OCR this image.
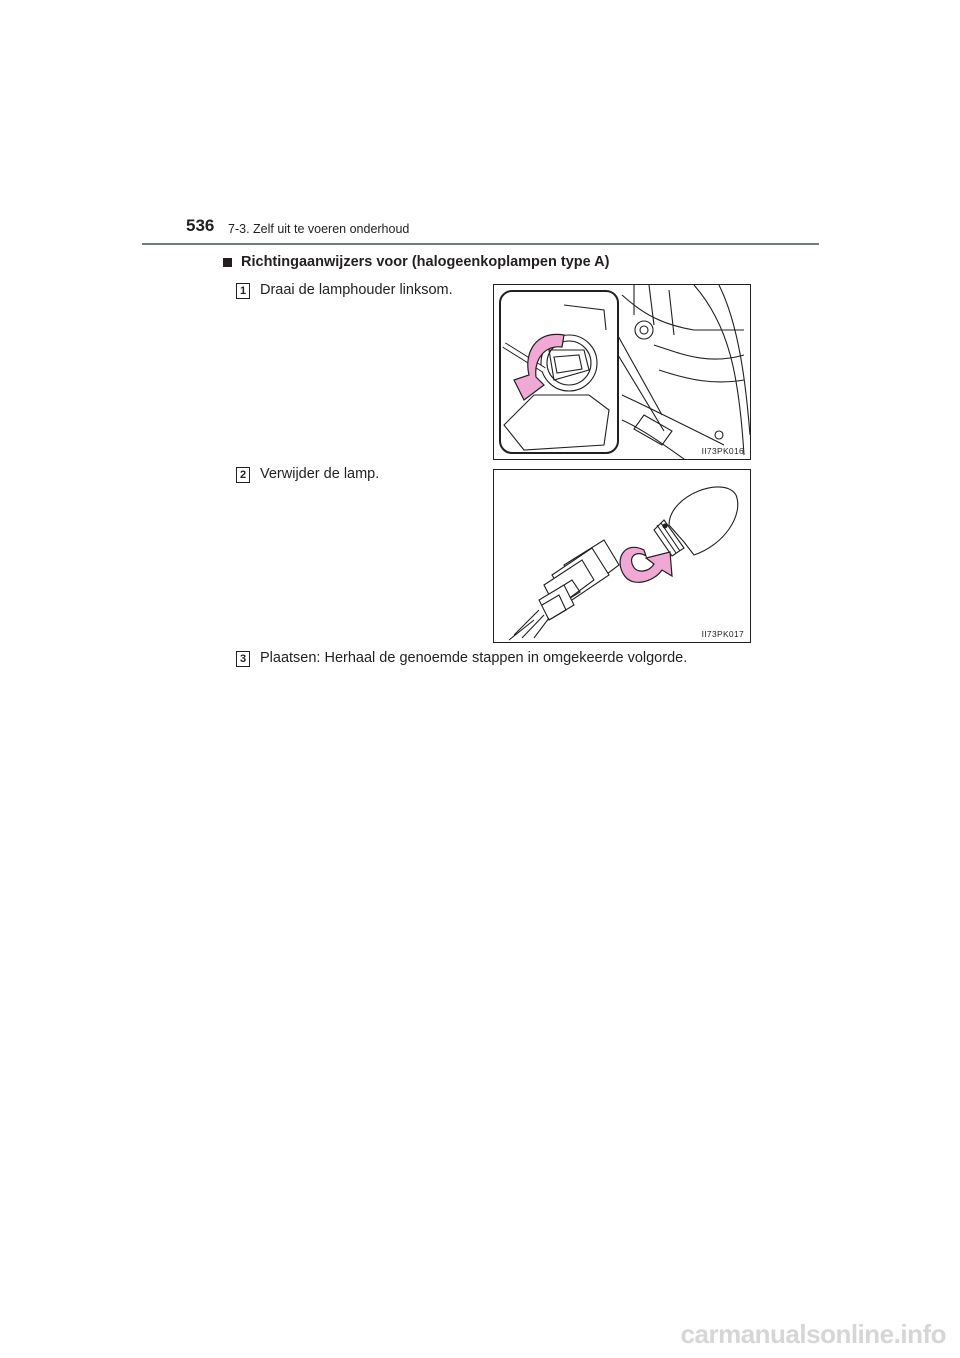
536 7-3. Zelf uit te voeren onderhoud
Richtingaanwijzers voor (halogeenkoplampen type A)
1 Draai de lamphouder linksom.
II73PK016
2 Verwijder de lamp.
II73PK017
3 Plaatsen: Herhaal de genoemde stappen in omgekeerde volgorde.
carmanualsonline.info
